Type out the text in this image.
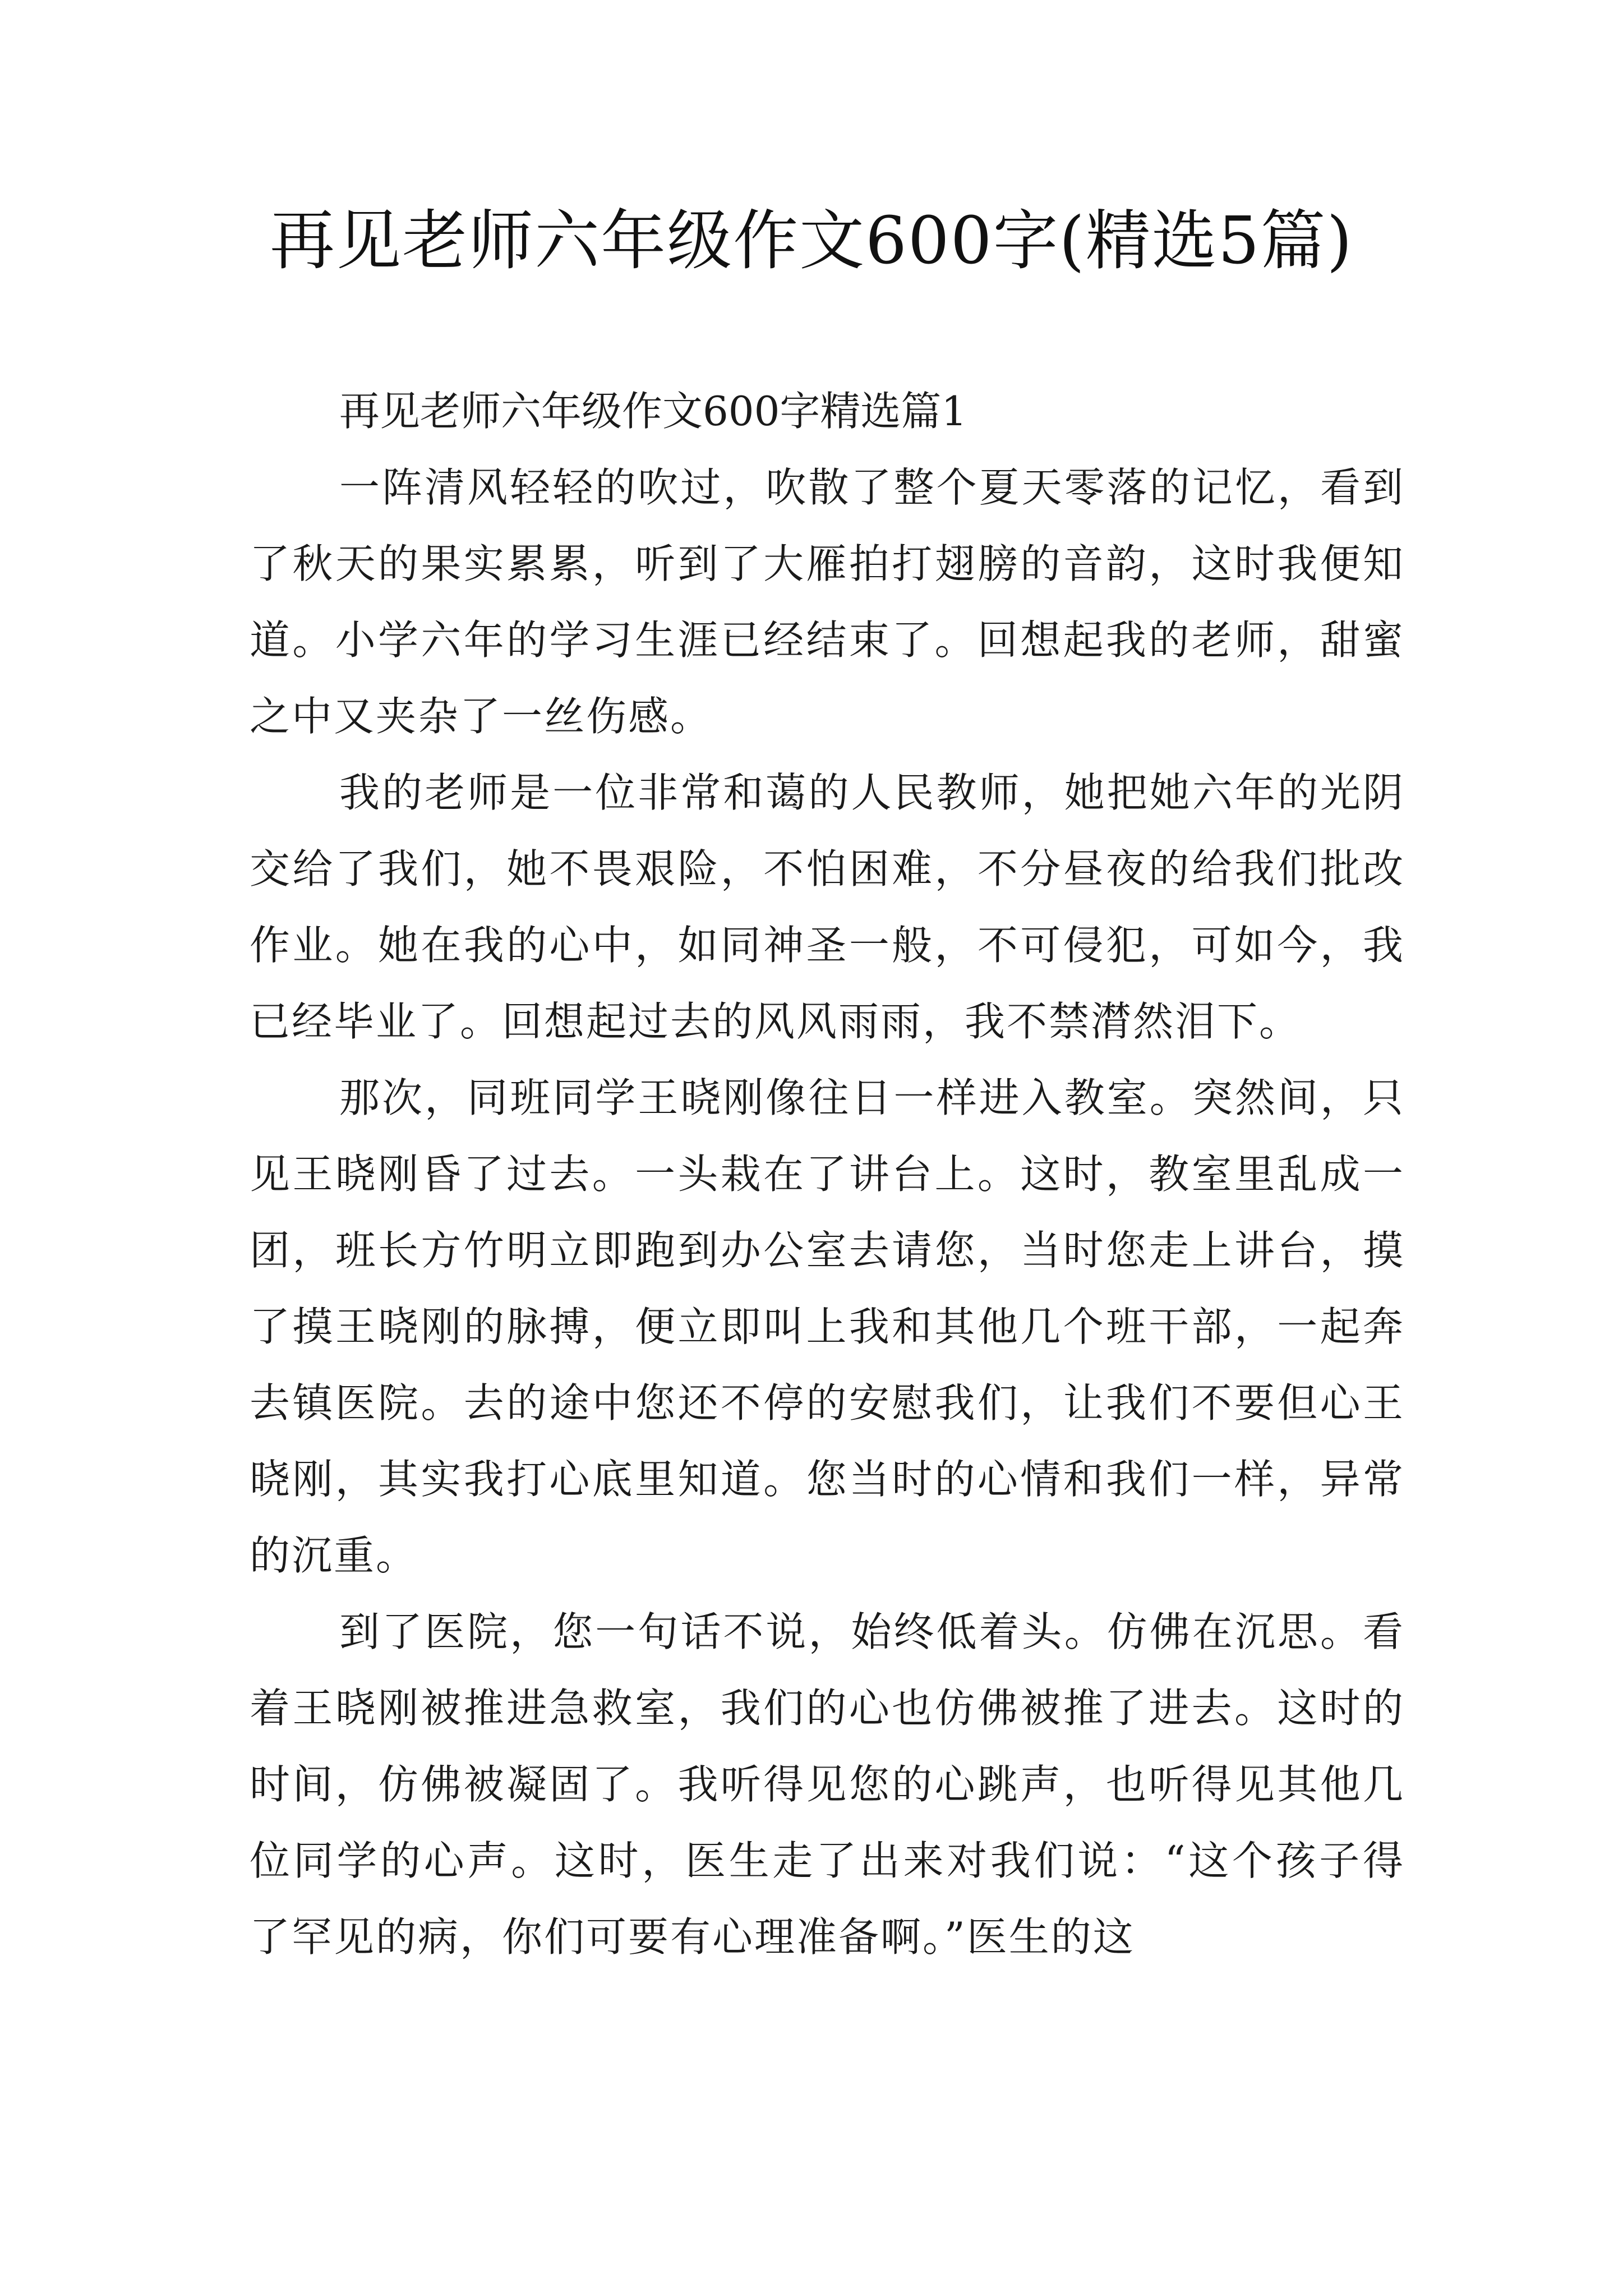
再见老师六年级作文600字(精选5篇)

再见老师六年级作文600字精选篇1

一阵清风轻轻的吹过，吹散了整个夏天零落的记忆，看到了秋天的果实累累，听到了大雁拍打翅膀的音韵，这时我便知道。小学六年的学习生涯已经结束了。回想起我的老师，甜蜜之中又夹杂了一丝伤感。

我的老师是一位非常和蔼的人民教师，她把她六年的光阴交给了我们，她不畏艰险，不怕困难，不分昼夜的给我们批改作业。她在我的心中，如同神圣一般，不可侵犯，可如今，我已经毕业了。回想起过去的风风雨雨，我不禁潸然泪下。

那次，同班同学王晓刚像往日一样进入教室。突然间，只见王晓刚昏了过去。一头栽在了讲台上。这时，教室里乱成一团，班长方竹明立即跑到办公室去请您，当时您走上讲台，摸了摸王晓刚的脉搏，便立即叫上我和其他几个班干部，一起奔去镇医院。去的途中您还不停的安慰我们，让我们不要但心王晓刚，其实我打心底里知道。您当时的心情和我们一样，异常的沉重。

到了医院，您一句话不说，始终低着头。仿佛在沉思。看着王晓刚被推进急救室，我们的心也仿佛被推了进去。这时的时间，仿佛被凝固了。我听得见您的心跳声，也听得见其他几位同学的心声。这时，医生走了出来对我们说：“这个孩子得了罕见的病，你们可要有心理准备啊。”医生的这
